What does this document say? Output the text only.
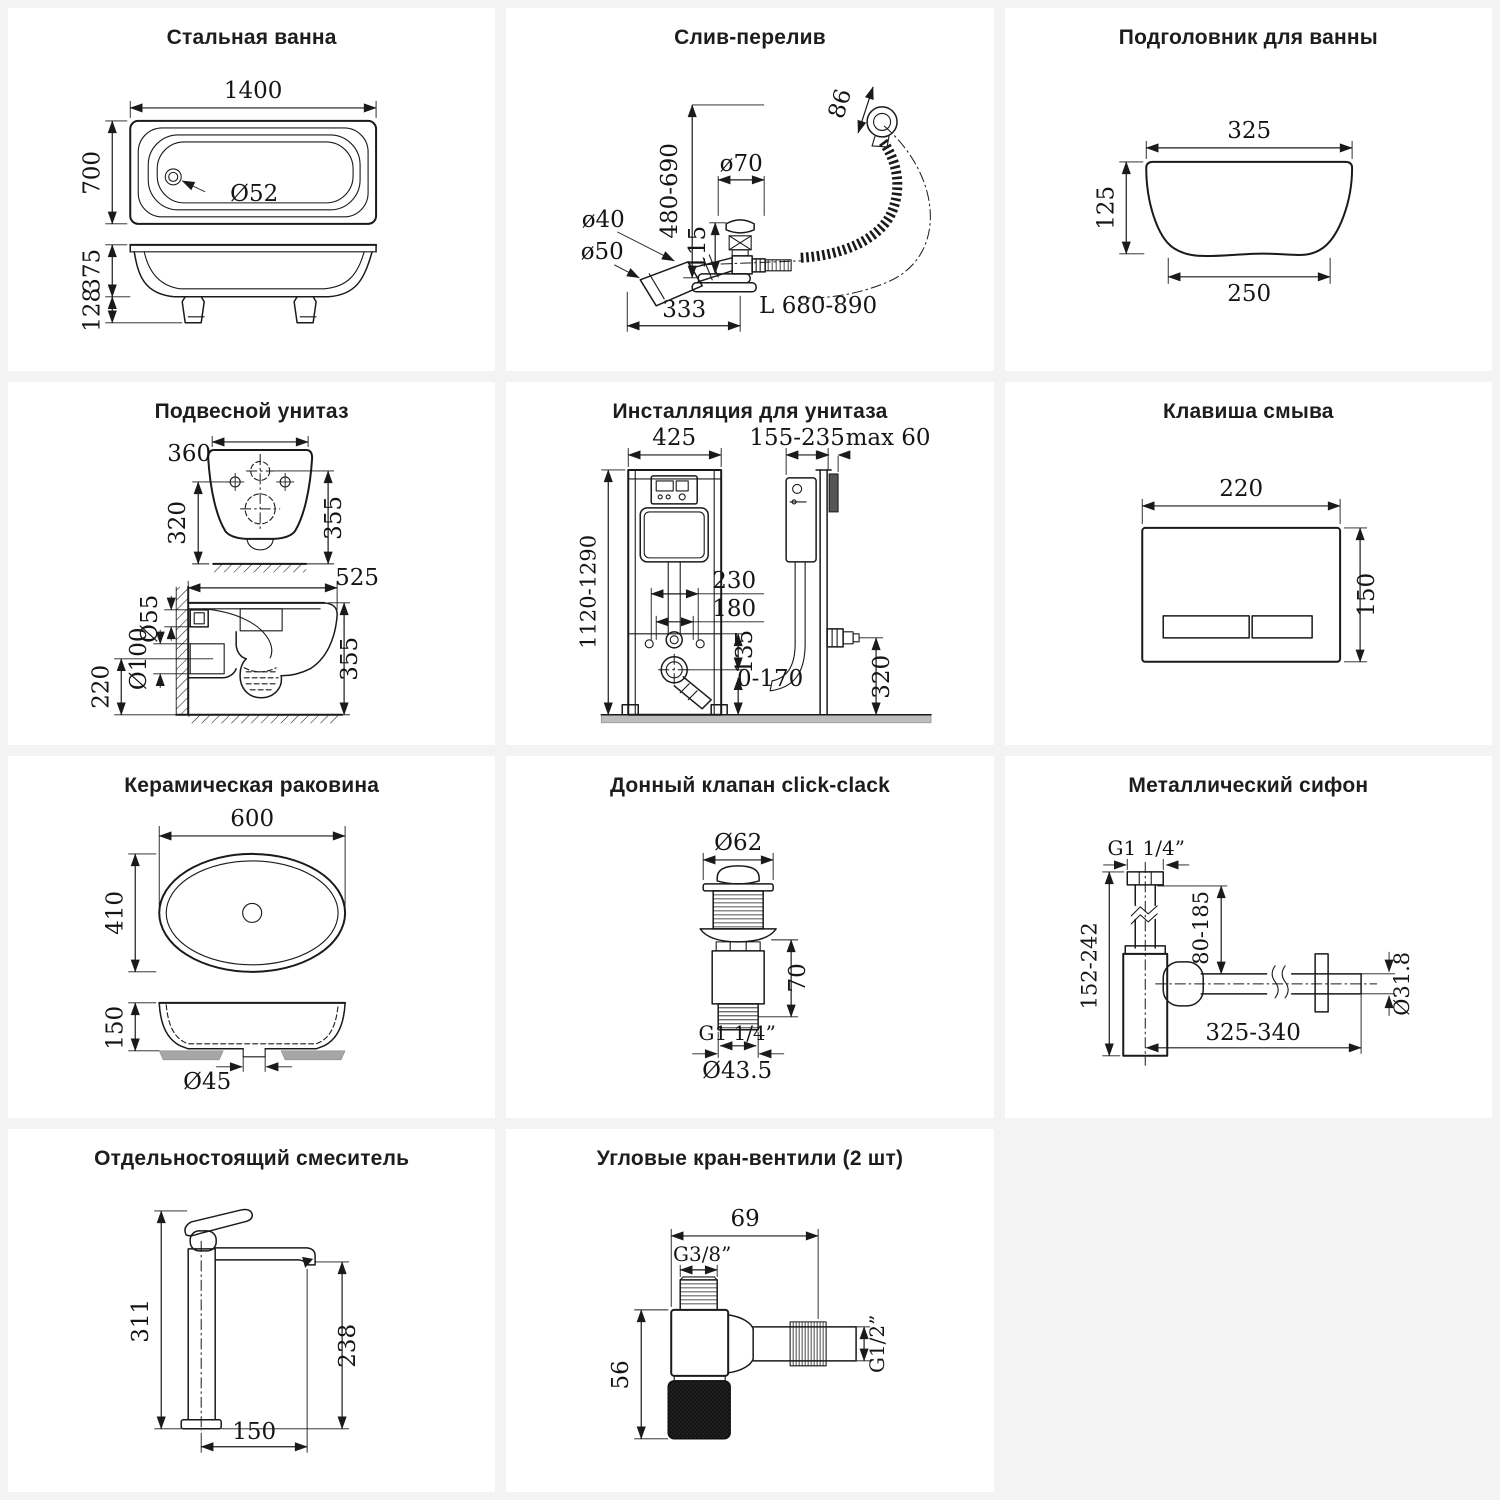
Стальная ванна
1400
700	Ø52
375
128
Слив-перелив
480-690
86
ø70
115
ø40
ø50
333 L 680-890
Подголовник для ванны
325
125
250
Подвесной унитаз
360
320	355
525
Ø55
Ø100
220
355
Инсталляция для унитаза
425
1120-1290	230
180
135
0-170
155-235 max 60
320
Клавиша смыва
220
150
Керамическая раковина
600
410
150
Ø45
Донный клапан click-clack
Ø62
70
G1 1/4”
Ø43.5
Металлический сифон
G1 1/4”
152-242	80-185
Ø31.8
325-340
Отдельностоящий смеситель
311
238
150
Угловые кран-вентили (2 шт)
69
G3/8”
56
G1/2”
